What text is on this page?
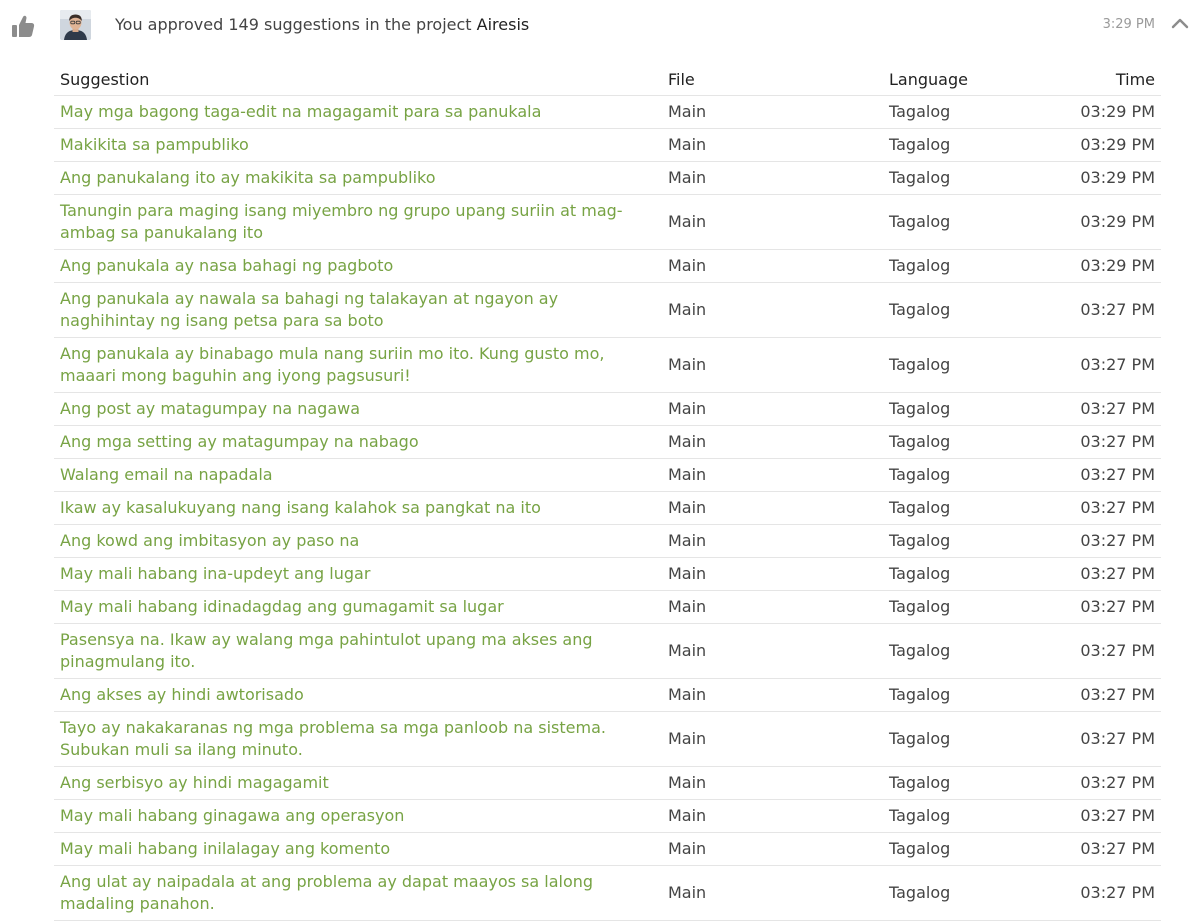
You approved 149 suggestions in the project Airesis	3:29 PM
Suggestion	File	Language	Time
May mga bagong taga-edit na magagamit para sa panukala	Main	Tagalog	03:29 PM
Makikita sa pampubliko	Main	Tagalog	03:29 PM
Ang panukalang ito ay makikita sa pampubliko	Main	Tagalog	03:29 PM
Tanungin para maging isang miyembro ng grupo upang suriin at mag-ambag sa panukalang ito	Main	Tagalog	03:29 PM
Ang panukala ay nasa bahagi ng pagboto	Main	Tagalog	03:29 PM
Ang panukala ay nawala sa bahagi ng talakayan at ngayon ay naghihintay ng isang petsa para sa boto	Main	Tagalog	03:27 PM
Ang panukala ay binabago mula nang suriin mo ito. Kung gusto mo, maaari mong baguhin ang iyong pagsusuri!	Main	Tagalog	03:27 PM
Ang post ay matagumpay na nagawa	Main	Tagalog	03:27 PM
Ang mga setting ay matagumpay na nabago	Main	Tagalog	03:27 PM
Walang email na napadala	Main	Tagalog	03:27 PM
Ikaw ay kasalukuyang nang isang kalahok sa pangkat na ito	Main	Tagalog	03:27 PM
Ang kowd ang imbitasyon ay paso na	Main	Tagalog	03:27 PM
May mali habang ina-updeyt ang lugar	Main	Tagalog	03:27 PM
May mali habang idinadagdag ang gumagamit sa lugar	Main	Tagalog	03:27 PM
Pasensya na. Ikaw ay walang mga pahintulot upang ma akses ang pinagmulang ito.	Main	Tagalog	03:27 PM
Ang akses ay hindi awtorisado	Main	Tagalog	03:27 PM
Tayo ay nakakaranas ng mga problema sa mga panloob na sistema. Subukan muli sa ilang minuto.	Main	Tagalog	03:27 PM
Ang serbisyo ay hindi magagamit	Main	Tagalog	03:27 PM
May mali habang ginagawa ang operasyon	Main	Tagalog	03:27 PM
May mali habang inilalagay ang komento	Main	Tagalog	03:27 PM
Ang ulat ay naipadala at ang problema ay dapat maayos sa lalong madaling panahon.	Main	Tagalog	03:27 PM
